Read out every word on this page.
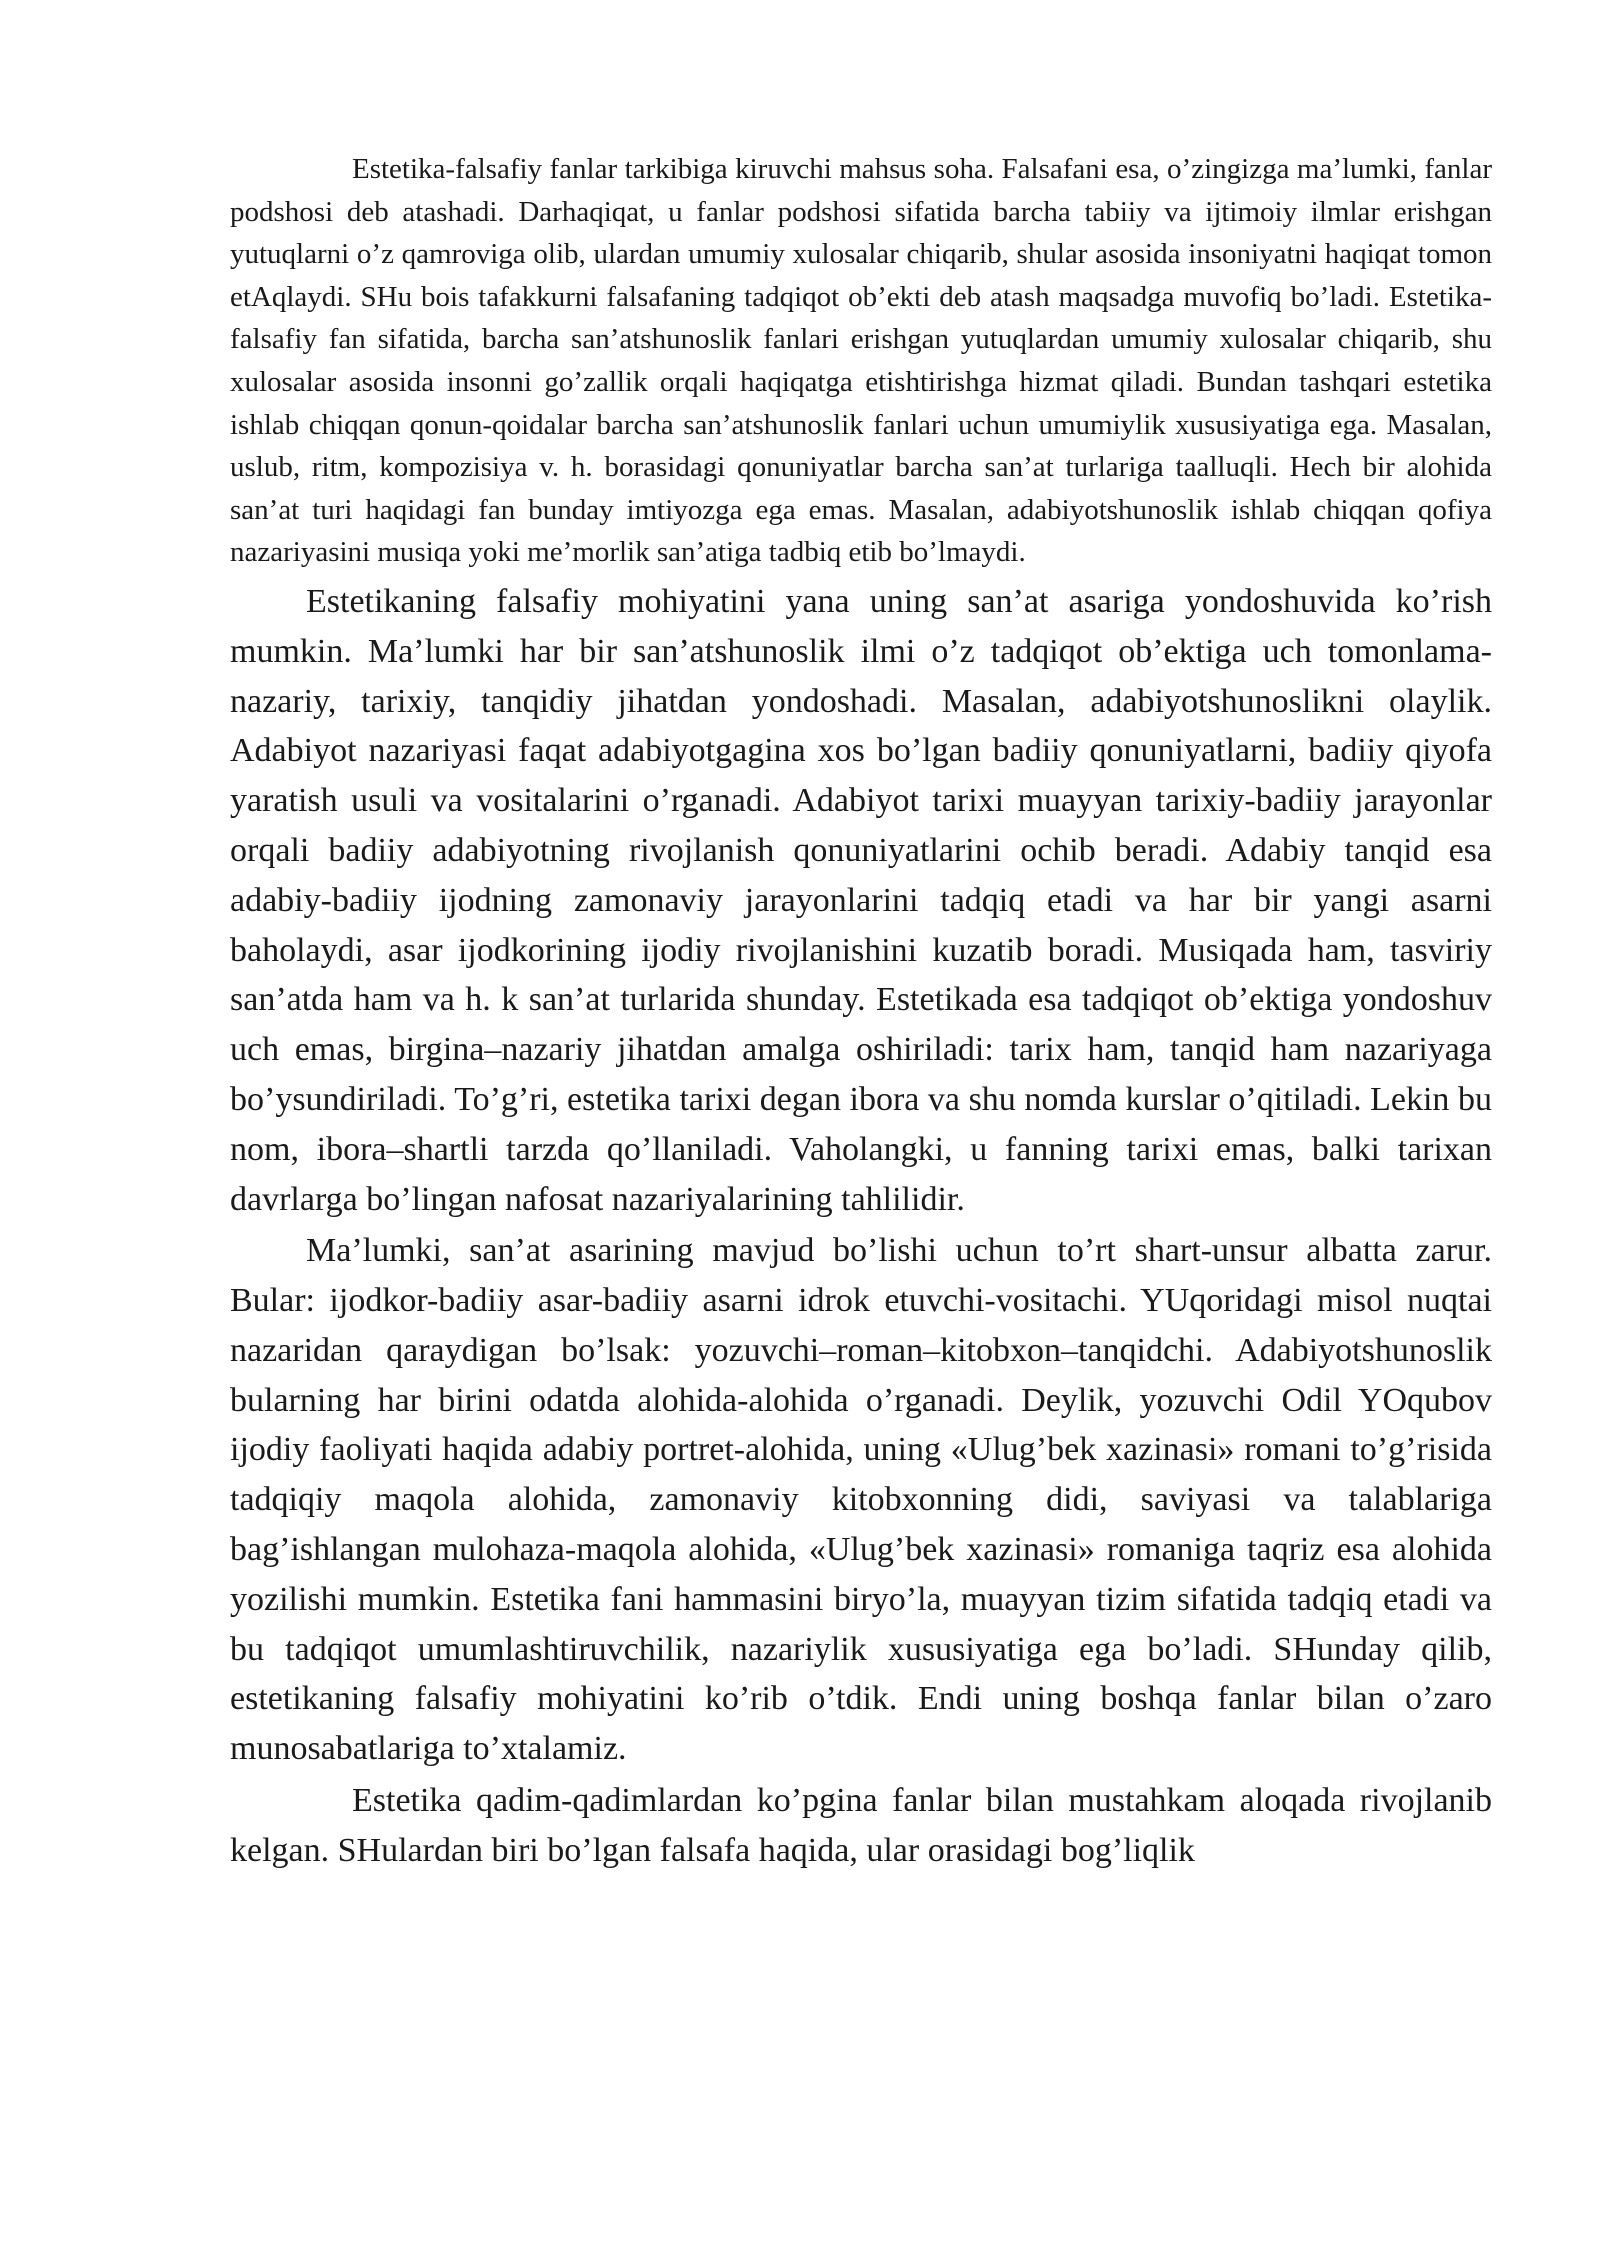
Estetika-falsafiy fanlar tarkibiga kiruvchi mahsus soha. Falsafani esa, o’zingizga ma’lumki, fanlar podshosi deb atashadi. Darhaqiqat, u fanlar podshosi sifatida barcha tabiiy va ijtimoiy ilmlar erishgan yutuqlarni o’z qamroviga olib, ulardan umumiy xulosalar chiqarib, shular asosida insoniyatni haqiqat tomon etAqlaydi. SHu bois tafakkurni falsafaning tadqiqot ob’ekti deb atash maqsadga muvofiq bo’ladi. Estetika-falsafiy fan sifatida, barcha san’atshunoslik fanlari erishgan yutuqlardan umumiy xulosalar chiqarib, shu xulosalar asosida insonni go’zallik orqali haqiqatga etishtirishga hizmat qiladi. Bundan tashqari estetika ishlab chiqqan qonun-qoidalar barcha san’atshunoslik fanlari uchun umumiylik xususiyatiga ega. Masalan, uslub, ritm, kompozisiya v. h. borasidagi qonuniyatlar barcha san’at turlariga taalluqli. Hech bir alohida san’at turi haqidagi fan bunday imtiyozga ega emas. Masalan, adabiyotshunoslik ishlab chiqqan qofiya nazariyasini musiqa yoki me’morlik san’atiga tadbiq etib bo’lmaydi.

Estetikaning falsafiy mohiyatini yana uning san’at asariga yondoshuvida ko’rish mumkin. Ma’lumki har bir san’atshunoslik ilmi o’z tadqiqot ob’ektiga uch tomonlama- nazariy, tarixiy, tanqidiy jihatdan yondoshadi. Masalan, adabiyotshunoslikni olaylik. Adabiyot nazariyasi faqat adabiyotgagina xos bo’lgan badiiy qonuniyatlarni, badiiy qiyofa yaratish usuli va vositalarini o’rganadi. Adabiyot tarixi muayyan tarixiy-badiiy jarayonlar orqali badiiy adabiyotning rivojlanish qonuniyatlarini ochib beradi. Adabiy tanqid esa adabiy-badiiy ijodning zamonaviy jarayonlarini tadqiq etadi va har bir yangi asarni baholaydi, asar ijodkorining ijodiy rivojlanishini kuzatib boradi. Musiqada ham, tasviriy san’atda ham va h. k san’at turlarida shunday. Estetikada esa tadqiqot ob’ektiga yondoshuv uch emas, birgina–nazariy jihatdan amalga oshiriladi: tarix ham, tanqid ham nazariyaga bo’ysundiriladi. To’g’ri, estetika tarixi degan ibora va shu nomda kurslar o’qitiladi. Lekin bu nom, ibora–shartli tarzda qo’llaniladi. Vaholangki, u fanning tarixi emas, balki tarixan davrlarga bo’lingan nafosat nazariyalarining tahlilidir.

Ma’lumki, san’at asarining mavjud bo’lishi uchun to’rt shart-unsur albatta zarur. Bular: ijodkor-badiiy asar-badiiy asarni idrok etuvchi-vositachi. YUqoridagi misol nuqtai nazaridan qaraydigan bo’lsak: yozuvchi–roman–kitobxon–tanqidchi. Adabiyotshunoslik bularning har birini odatda alohida-alohida o’rganadi. Deylik, yozuvchi Odil YOqubov ijodiy faoliyati haqida adabiy portret-alohida, uning «Ulug’bek xazinasi» romani to’g’risida tadqiqiy maqola alohida, zamonaviy kitobxonning didi, saviyasi va talablariga bag’ishlangan mulohaza-maqola alohida, «Ulug’bek xazinasi» romaniga taqriz esa alohida yozilishi mumkin. Estetika fani hammasini biryo’la, muayyan tizim sifatida tadqiq etadi va bu tadqiqot umumlashtiruvchilik, nazariylik xususiyatiga ega bo’ladi. SHunday qilib, estetikaning falsafiy mohiyatini ko’rib o’tdik. Endi uning boshqa fanlar bilan o’zaro munosabatlariga to’xtalamiz.

Estetika qadim-qadimlardan ko’pgina fanlar bilan mustahkam aloqada rivojlanib kelgan. SHulardan biri bo’lgan falsafa haqida, ular orasidagi bog’liqlik
